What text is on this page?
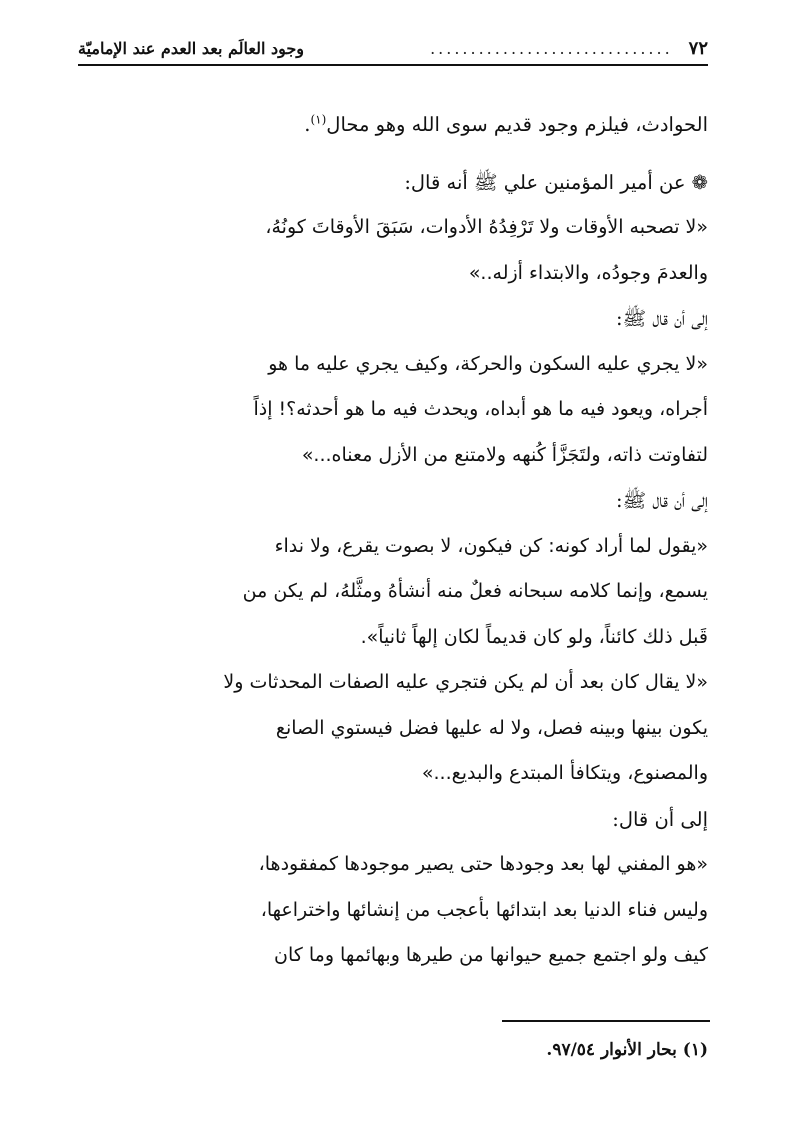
٧٢
..............................
وجود العالَم بعد العدم عند الإماميّة

الحوادث، فيلزم وجود قديم سوى الله وهو محال$^{(١)}$.

❁ عن أمير المؤمنين علي ﷺ أنه قال:

«لا تصحبه الأوقات ولا تَرْفِدُهُ الأدوات، سَبَقَ الأوقاتَ كونُهُ،

والعدمَ وجودُه، والابتداء أزله..»

إلى أن قال ﷺ:

«لا يجري عليه السكون والحركة، وكيف يجري عليه ما هو

أجراه، ويعود فيه ما هو أبداه، ويحدث فيه ما هو أحدثه؟! إذاً

لتفاوتت ذاته، ولتَجَزَّأ كُنهه ولامتنع من الأزل معناه...»

إلى أن قال ﷺ:

«يقول لما أراد كونه: كن فيكون، لا بصوت يقرع، ولا نداء

يسمع، وإنما كلامه سبحانه فعلٌ منه أنشأهُ ومثَّلهُ، لم يكن من

قَبل ذلك كائناً، ولو كان قديماً لكان إلهاً ثانياً».

«لا يقال كان بعد أن لم يكن فتجري عليه الصفات المحدثات ولا

يكون بينها وبينه فصل، ولا له عليها فضل فيستوي الصانع

والمصنوع، ويتكافأ المبتدع والبديع...»

إلى أن قال:

«هو المفني لها بعد وجودها حتى يصير موجودها كمفقودها،

وليس فناء الدنيا بعد ابتدائها بأعجب من إنشائها واختراعها،

كيف ولو اجتمع جميع حيوانها من طيرها وبهائمها وما كان

(١) بحار الأنوار ٩٧/٥٤.
